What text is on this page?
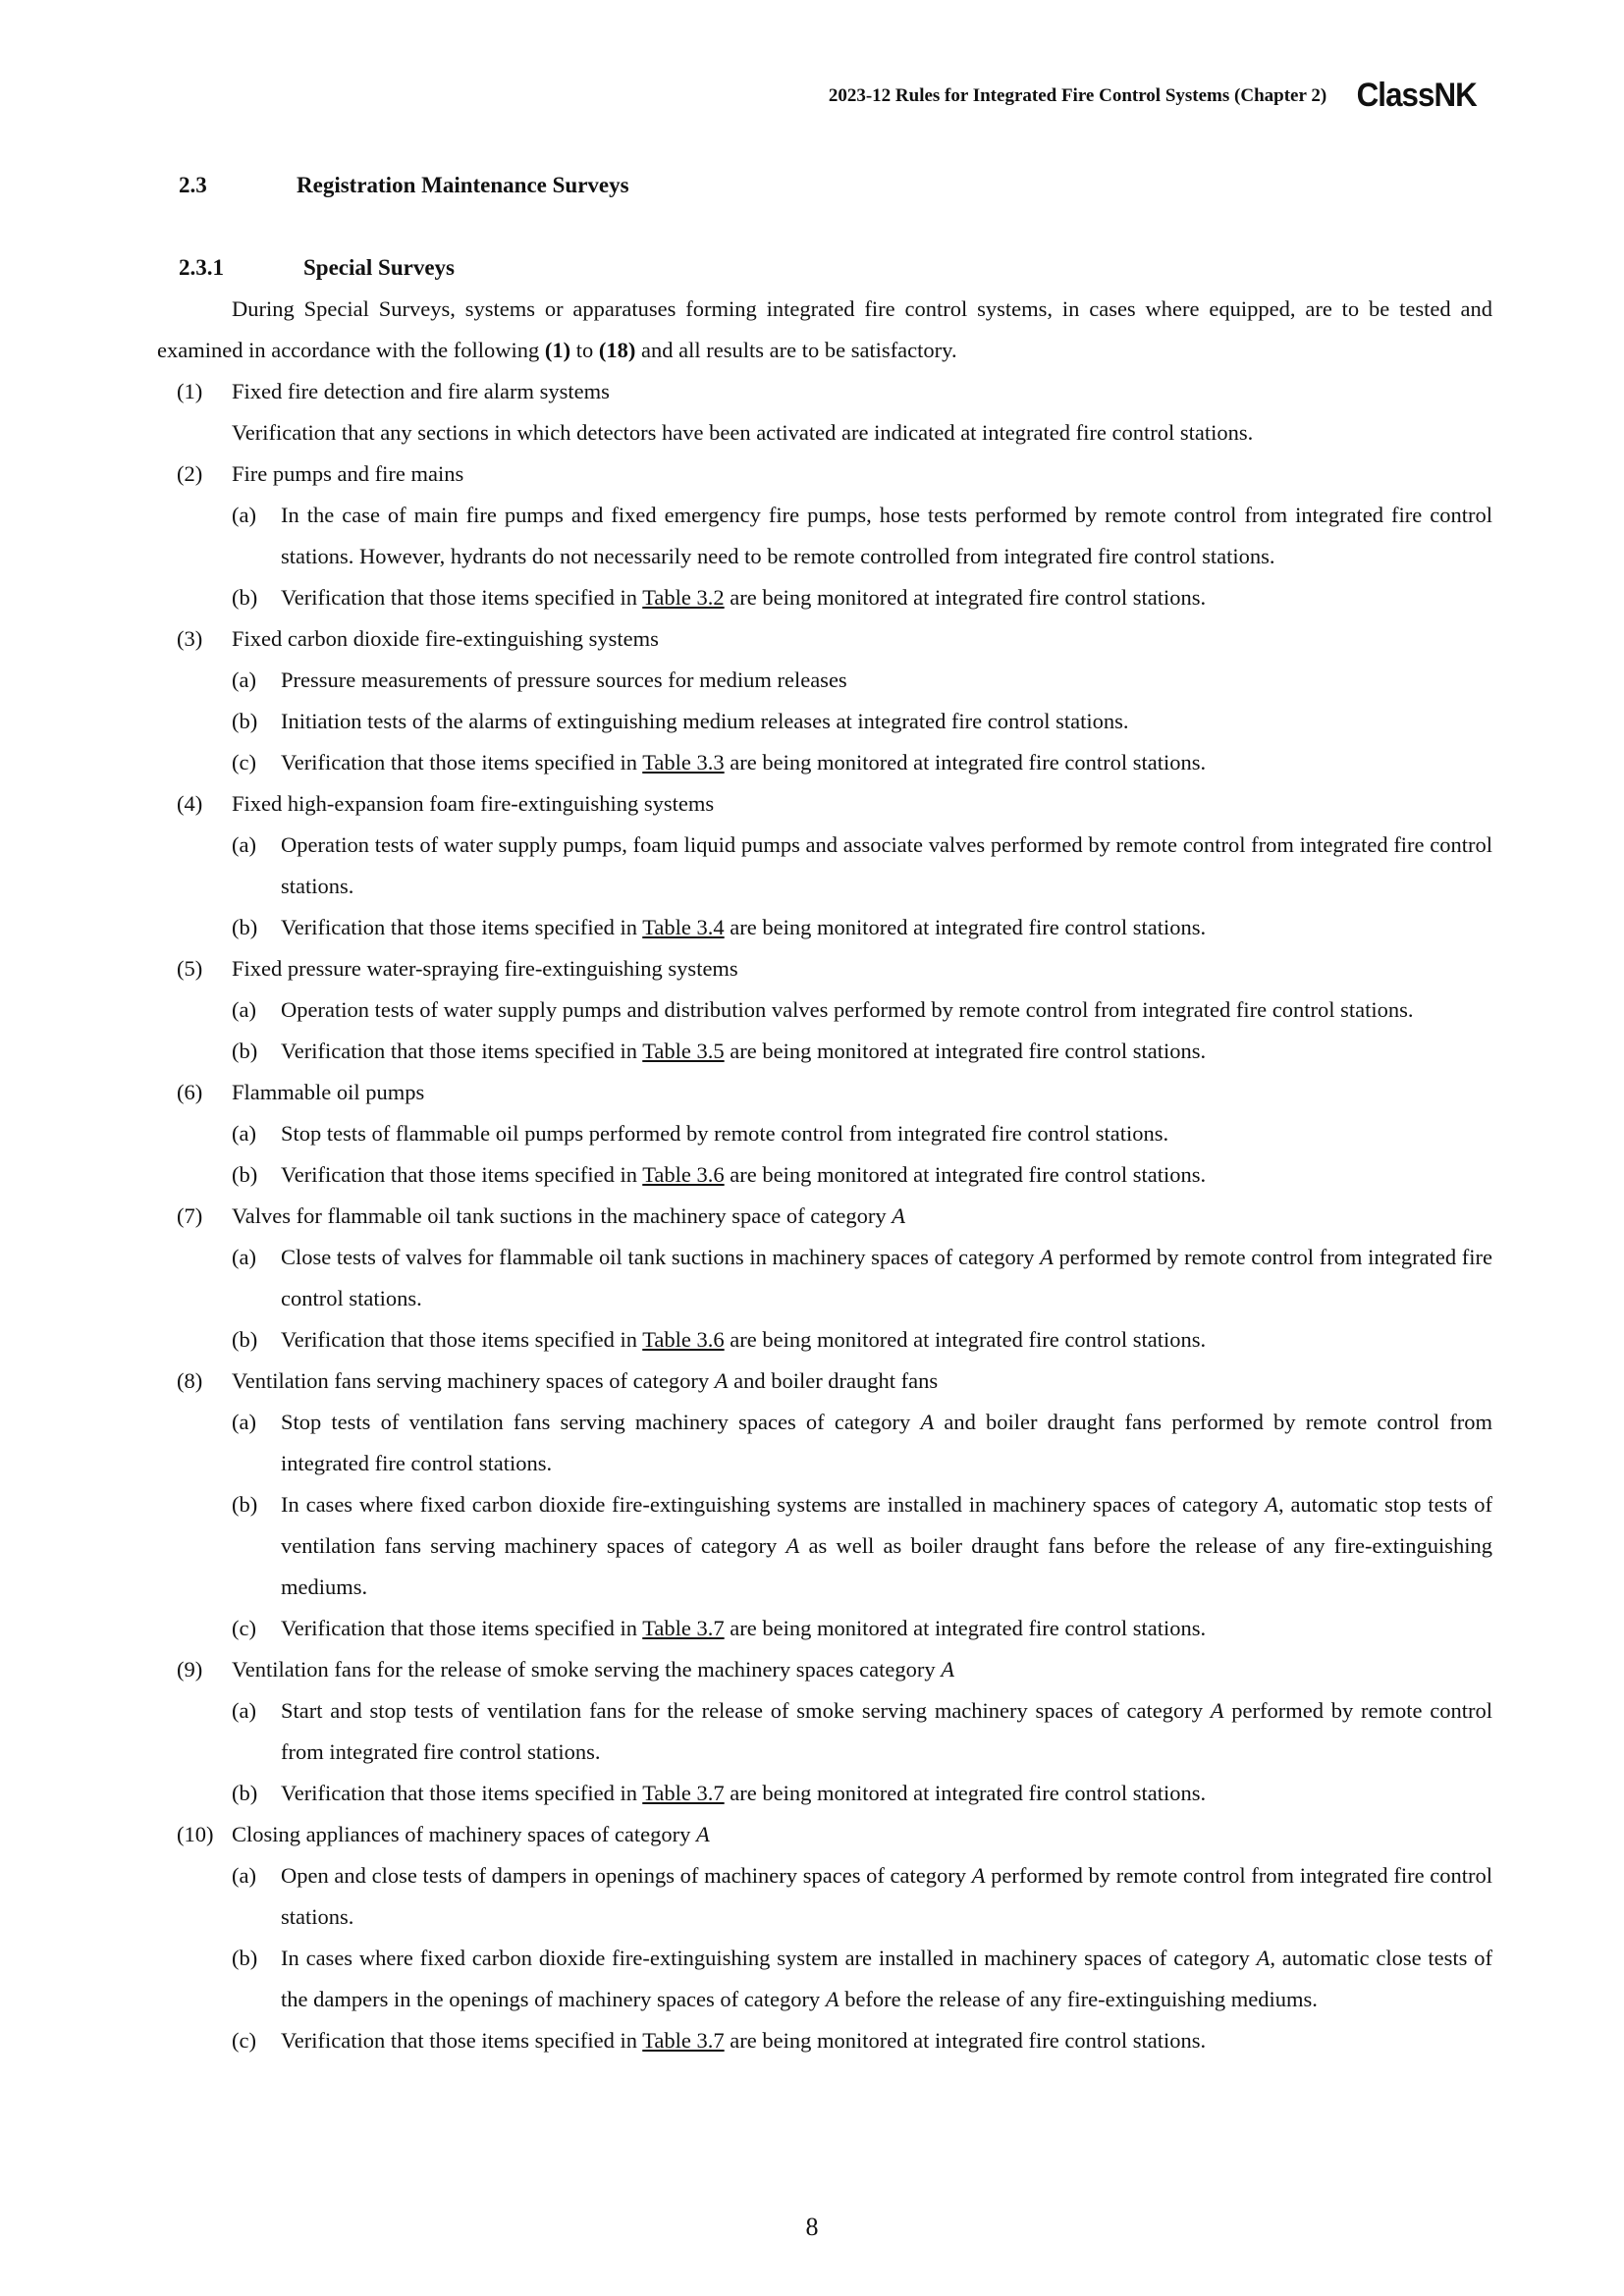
2023-12 Rules for Integrated Fire Control Systems (Chapter 2) ClassNK
2.3	Registration Maintenance Surveys
2.3.1	Special Surveys
During Special Surveys, systems or apparatuses forming integrated fire control systems, in cases where equipped, are to be tested and examined in accordance with the following (1) to (18) and all results are to be satisfactory.
(1)	Fixed fire detection and fire alarm systems
Verification that any sections in which detectors have been activated are indicated at integrated fire control stations.
(2)	Fire pumps and fire mains
(a)	In the case of main fire pumps and fixed emergency fire pumps, hose tests performed by remote control from integrated fire control stations. However, hydrants do not necessarily need to be remote controlled from integrated fire control stations.
(b)	Verification that those items specified in Table 3.2 are being monitored at integrated fire control stations.
(3)	Fixed carbon dioxide fire-extinguishing systems
(a)	Pressure measurements of pressure sources for medium releases
(b)	Initiation tests of the alarms of extinguishing medium releases at integrated fire control stations.
(c)	Verification that those items specified in Table 3.3 are being monitored at integrated fire control stations.
(4)	Fixed high-expansion foam fire-extinguishing systems
(a)	Operation tests of water supply pumps, foam liquid pumps and associate valves performed by remote control from integrated fire control stations.
(b)	Verification that those items specified in Table 3.4 are being monitored at integrated fire control stations.
(5)	Fixed pressure water-spraying fire-extinguishing systems
(a)	Operation tests of water supply pumps and distribution valves performed by remote control from integrated fire control stations.
(b)	Verification that those items specified in Table 3.5 are being monitored at integrated fire control stations.
(6)	Flammable oil pumps
(a)	Stop tests of flammable oil pumps performed by remote control from integrated fire control stations.
(b)	Verification that those items specified in Table 3.6 are being monitored at integrated fire control stations.
(7)	Valves for flammable oil tank suctions in the machinery space of category A
(a)	Close tests of valves for flammable oil tank suctions in machinery spaces of category A performed by remote control from integrated fire control stations.
(b)	Verification that those items specified in Table 3.6 are being monitored at integrated fire control stations.
(8)	Ventilation fans serving machinery spaces of category A and boiler draught fans
(a)	Stop tests of ventilation fans serving machinery spaces of category A and boiler draught fans performed by remote control from integrated fire control stations.
(b)	In cases where fixed carbon dioxide fire-extinguishing systems are installed in machinery spaces of category A, automatic stop tests of ventilation fans serving machinery spaces of category A as well as boiler draught fans before the release of any fire-extinguishing mediums.
(c)	Verification that those items specified in Table 3.7 are being monitored at integrated fire control stations.
(9)	Ventilation fans for the release of smoke serving the machinery spaces category A
(a)	Start and stop tests of ventilation fans for the release of smoke serving machinery spaces of category A performed by remote control from integrated fire control stations.
(b)	Verification that those items specified in Table 3.7 are being monitored at integrated fire control stations.
(10) Closing appliances of machinery spaces of category A
(a)	Open and close tests of dampers in openings of machinery spaces of category A performed by remote control from integrated fire control stations.
(b)	In cases where fixed carbon dioxide fire-extinguishing system are installed in machinery spaces of category A, automatic close tests of the dampers in the openings of machinery spaces of category A before the release of any fire-extinguishing mediums.
(c)	Verification that those items specified in Table 3.7 are being monitored at integrated fire control stations.
8
